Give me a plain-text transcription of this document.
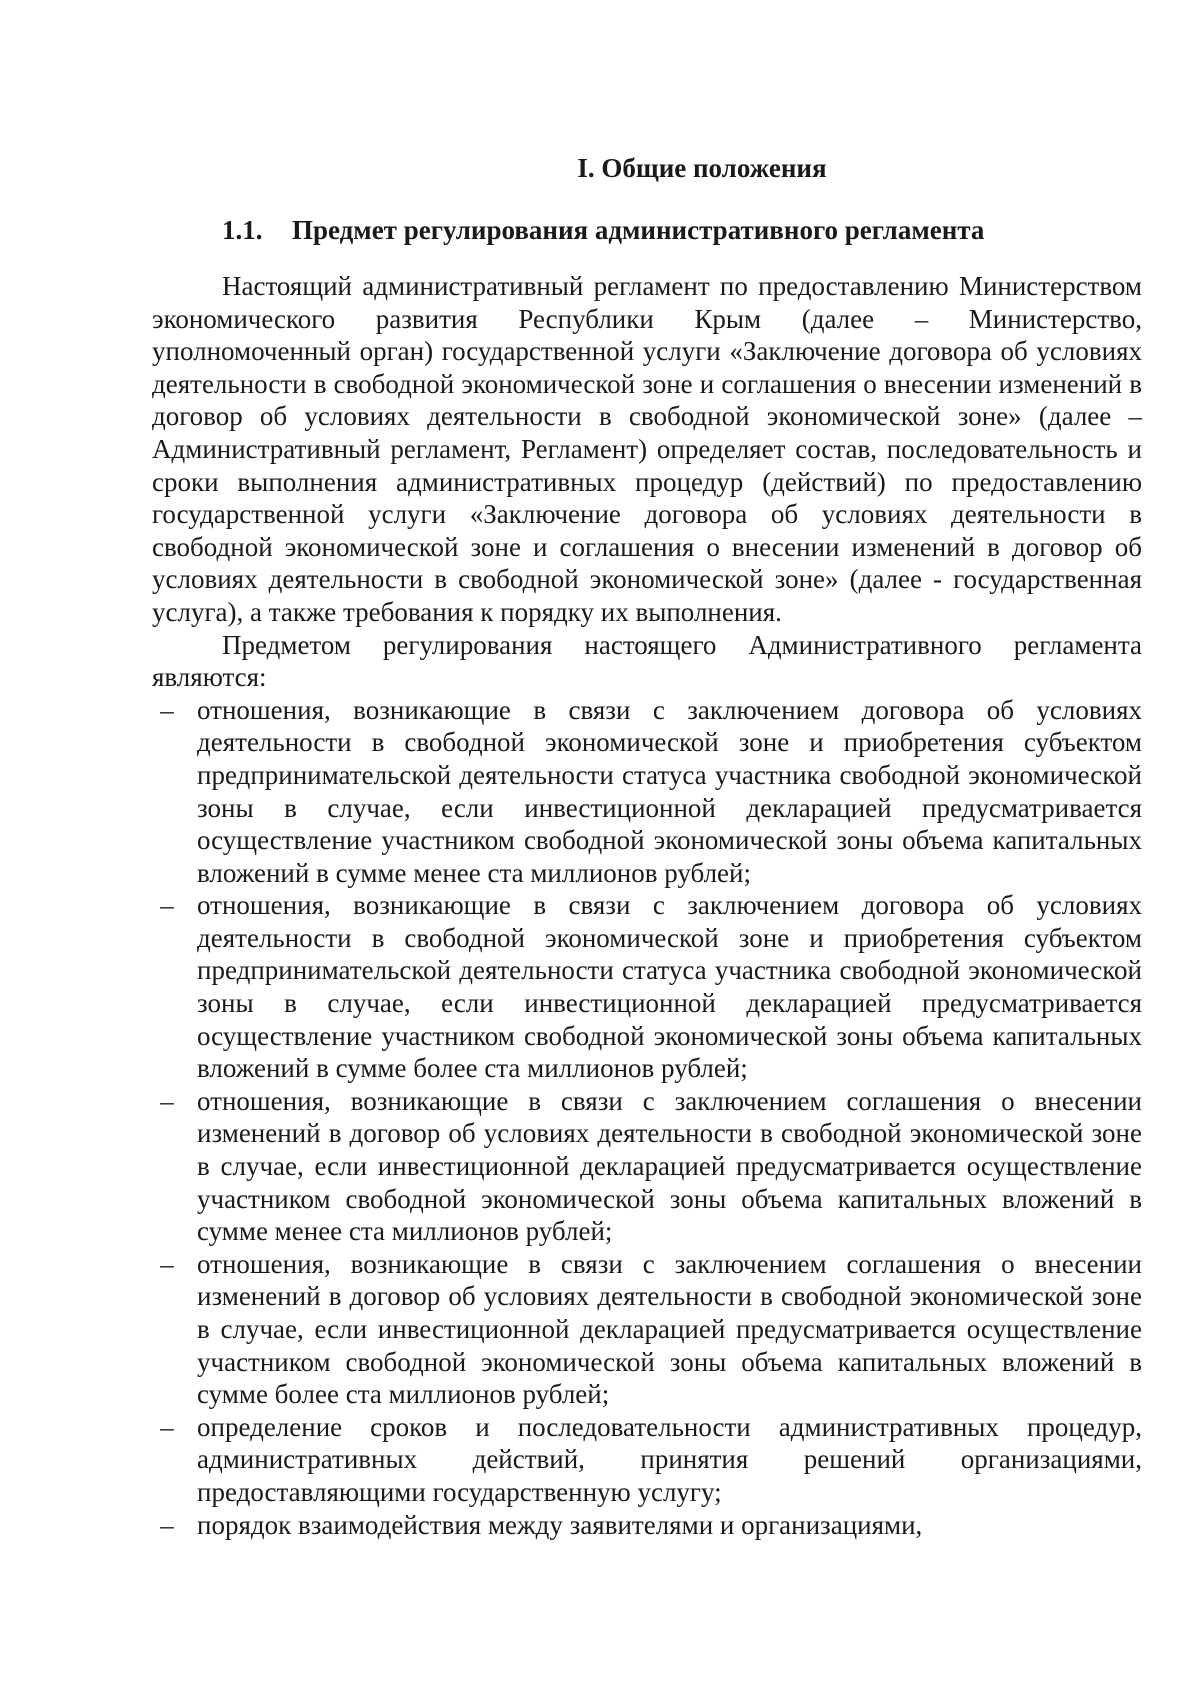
I. Общие положения
1.1. Предмет регулирования административного регламента

Настоящий административный регламент по предоставлению Министерством экономического развития Республики Крым (далее – Министерство, уполномоченный орган) государственной услуги «Заключение договора об условиях деятельности в свободной экономической зоне и соглашения о внесении изменений в договор об условиях деятельности в свободной экономической зоне» (далее – Административный регламент, Регламент) определяет состав, последовательность и сроки выполнения административных процедур (действий) по предоставлению государственной услуги «Заключение договора об условиях деятельности в свободной экономической зоне и соглашения о внесении изменений в договор об условиях деятельности в свободной экономической зоне» (далее - государственная услуга), а также требования к порядку их выполнения.

Предметом регулирования настоящего Административного регламента являются:

– отношения, возникающие в связи с заключением договора об условиях деятельности в свободной экономической зоне и приобретения субъектом предпринимательской деятельности статуса участника свободной экономической зоны в случае, если инвестиционной декларацией предусматривается осуществление участником свободной экономической зоны объема капитальных вложений в сумме менее ста миллионов рублей;
– отношения, возникающие в связи с заключением договора об условиях деятельности в свободной экономической зоне и приобретения субъектом предпринимательской деятельности статуса участника свободной экономической зоны в случае, если инвестиционной декларацией предусматривается осуществление участником свободной экономической зоны объема капитальных вложений в сумме более ста миллионов рублей;
– отношения, возникающие в связи с заключением соглашения о внесении изменений в договор об условиях деятельности в свободной экономической зоне в случае, если инвестиционной декларацией предусматривается осуществление участником свободной экономической зоны объема капитальных вложений в сумме менее ста миллионов рублей;
– отношения, возникающие в связи с заключением соглашения о внесении изменений в договор об условиях деятельности в свободной экономической зоне в случае, если инвестиционной декларацией предусматривается осуществление участником свободной экономической зоны объема капитальных вложений в сумме более ста миллионов рублей;
– определение сроков и последовательности административных процедур, административных действий, принятия решений организациями, предоставляющими государственную услугу;
– порядок взаимодействия между заявителями и организациями,
